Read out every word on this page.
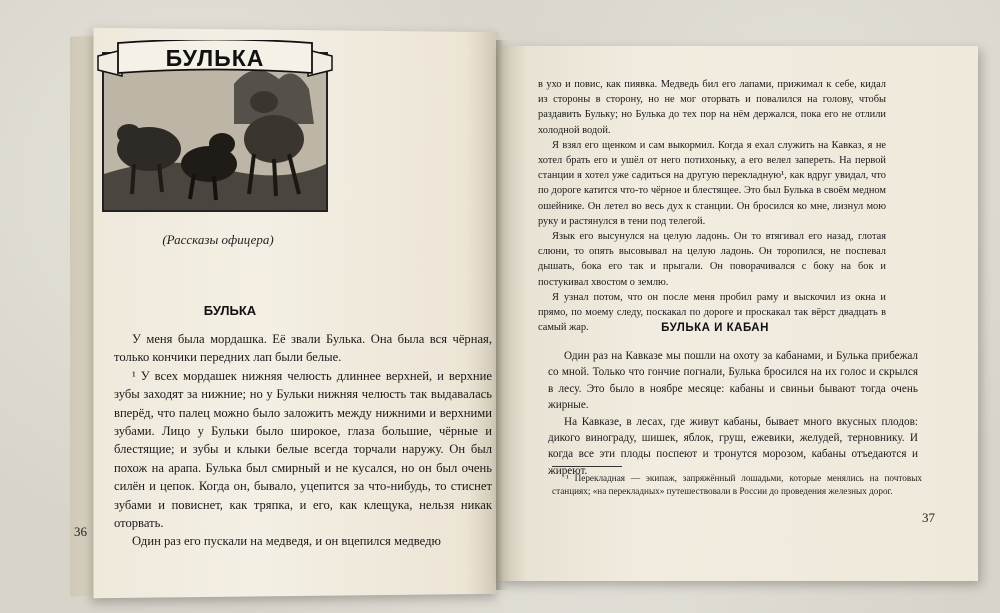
БУЛЬКА
(Рассказы офицера)
БУЛЬКА

У меня была мордашка. Её звали Булька. Она была вся чёрная, только кончики передних лап были белые.

¹ У всех мордашек нижняя челюсть длиннее верхней, и верхние зубы заходят за нижние; но у Бульки нижняя челюсть так выдавалась вперёд, что палец можно было заложить между нижними и верхними зубами. Лицо у Бульки было широкое, глаза большие, чёрные и блестящие; и зубы и клыки белые всегда торчали наружу. Он был похож на арапа. Булька был смирный и не кусался, но он был очень силён и цепок. Когда он, бывало, уцепится за что-нибудь, то стиснет зубами и повиснет, как тряпка, и его, как клещука, нельзя никак оторвать.

Один раз его пускали на медведя, и он вцепился медведю

36

в ухо и повис, как пиявка. Медведь бил его лапами, прижимал к себе, кидал из стороны в сторону, но не мог оторвать и повалился на голову, чтобы раздавить Бульку; но Булька до тех пор на нём держался, пока его не отлили холодной водой.

Я взял его щенком и сам выкормил. Когда я ехал служить на Кавказ, я не хотел брать его и ушёл от него потихоньку, а его велел запереть. На первой станции я хотел уже садиться на другую перекладную¹, как вдруг увидал, что по дороге катится что-то чёрное и блестящее. Это был Булька в своём медном ошейнике. Он летел во весь дух к станции. Он бросился ко мне, лизнул мою руку и растянулся в тени под телегой.

Язык его высунулся на целую ладонь. Он то втягивал его назад, глотая слюни, то опять высовывал на целую ладонь. Он торопился, не поспевал дышать, бока его так и прыгали. Он поворачивался с боку на бок и постукивал хвостом о землю.

Я узнал потом, что он после меня пробил раму и выскочил из окна и прямо, по моему следу, поскакал по дороге и проскакал так вёрст двадцать в самый жар.	БУЛЬКА И КАБАН

Один раз на Кавказе мы пошли на охоту за кабанами, и Булька прибежал со мной. Только что гончие погнали, Булька бросился на их голос и скрылся в лесу. Это было в ноябре месяце: кабаны и свиньи бывают тогда очень жирные.

На Кавказе, в лесах, где живут кабаны, бывает много вкусных плодов: дикого винограду, шишек, яблок, груш, ежевики, желудей, терновнику. И когда все эти плоды поспеют и тронутся морозом, кабаны отъедаются и жиреют.

¹ Перекладная — экипаж, запряжённый лошадьми, которые менялись на почтовых станциях; «на перекладных» путешествовали в России до проведения железных дорог.

37
